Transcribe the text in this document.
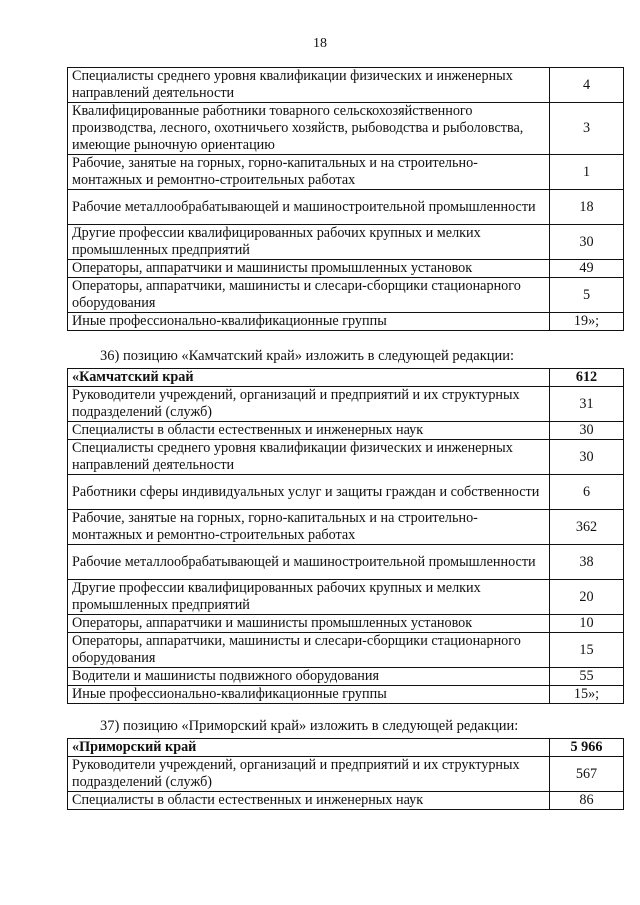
18
Специалисты среднего уровня квалификации физических и инженерных направлений деятельности	4
Квалифицированные работники товарного сельскохозяйственного производства, лесного, охотничьего хозяйств, рыбоводства и рыболовства, имеющие рыночную ориентацию	3
Рабочие, занятые на горных, горно-капитальных и на строительно-монтажных и ремонтно-строительных работах	1
Рабочие металлообрабатывающей и машиностроительной промышленности	18
Другие профессии квалифицированных рабочих крупных и мелких промышленных предприятий	30
Операторы, аппаратчики и машинисты промышленных установок	49
Операторы, аппаратчики, машинисты и слесари-сборщики стационарного оборудования	5
Иные профессионально-квалификационные группы	19»;
36) позицию «Камчатский край» изложить в следующей редакции:
«Камчатский край	612
Руководители учреждений, организаций и предприятий и их структурных подразделений (служб)	31
Специалисты в области естественных и инженерных наук	30
Специалисты среднего уровня квалификации физических и инженерных направлений деятельности	30
Работники сферы индивидуальных услуг и защиты граждан и собственности	6
Рабочие, занятые на горных, горно-капитальных и на строительно-монтажных и ремонтно-строительных работах	362
Рабочие металлообрабатывающей и машиностроительной промышленности	38
Другие профессии квалифицированных рабочих крупных и мелких промышленных предприятий	20
Операторы, аппаратчики и машинисты промышленных установок	10
Операторы, аппаратчики, машинисты и слесари-сборщики стационарного оборудования	15
Водители и машинисты подвижного оборудования	55
Иные профессионально-квалификационные группы	15»;
37) позицию «Приморский край» изложить в следующей редакции:
«Приморский край	5 966
Руководители учреждений, организаций и предприятий и их структурных подразделений (служб)	567
Специалисты в области естественных и инженерных наук	86
